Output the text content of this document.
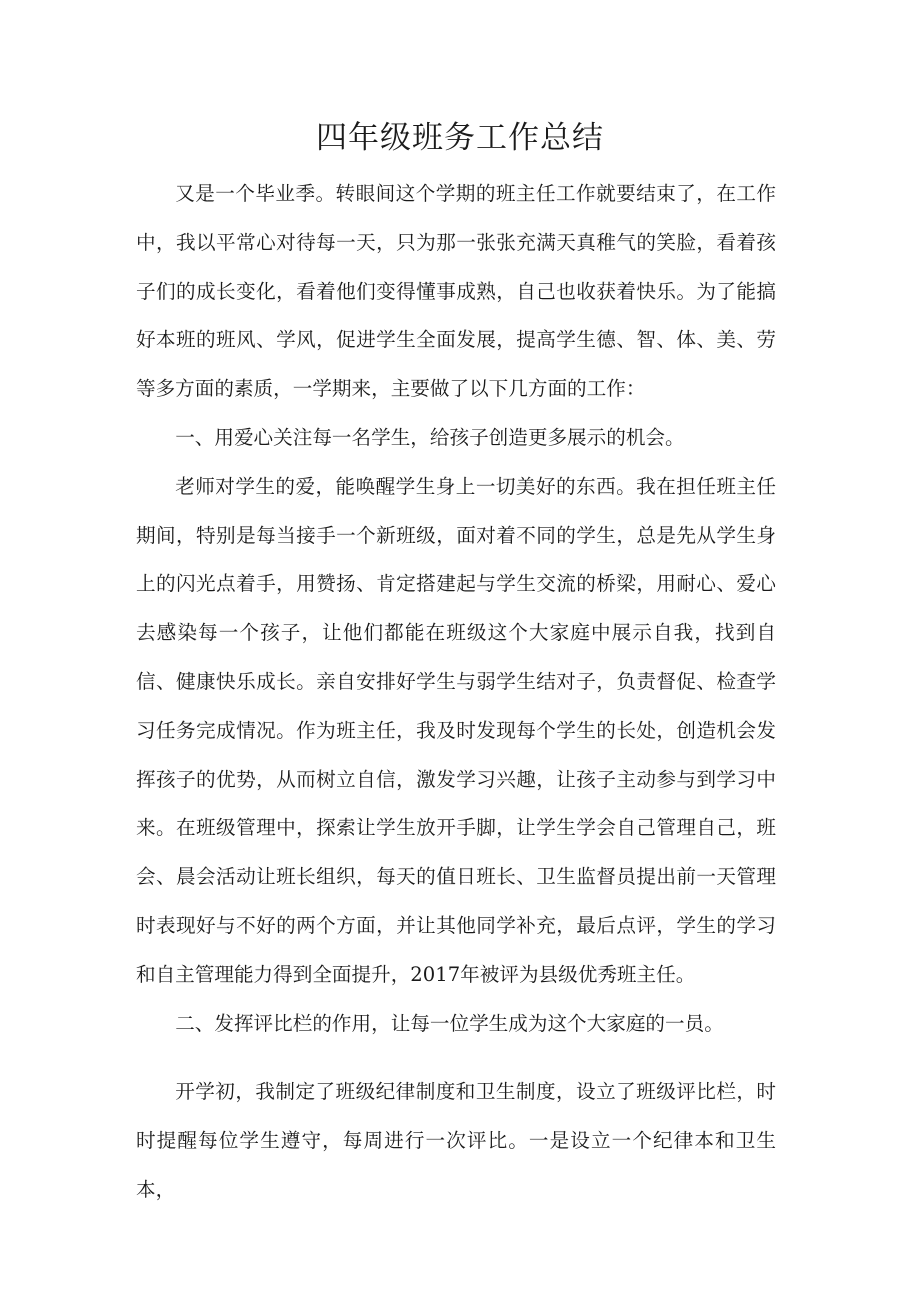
四年级班务工作总结

又是一个毕业季。转眼间这个学期的班主任工作就要结束了，在工作中，我以平常心对待每一天，只为那一张张充满天真稚气的笑脸，看着孩子们的成长变化，看着他们变得懂事成熟，自己也收获着快乐。为了能搞好本班的班风、学风，促进学生全面发展，提高学生德、智、体、美、劳等多方面的素质，一学期来，主要做了以下几方面的工作：

一、用爱心关注每一名学生，给孩子创造更多展示的机会。

老师对学生的爱，能唤醒学生身上一切美好的东西。我在担任班主任期间，特别是每当接手一个新班级，面对着不同的学生，总是先从学生身上的闪光点着手，用赞扬、肯定搭建起与学生交流的桥梁，用耐心、爱心去感染每一个孩子，让他们都能在班级这个大家庭中展示自我，找到自信、健康快乐成长。亲自安排好学生与弱学生结对子，负责督促、检查学习任务完成情况。作为班主任，我及时发现每个学生的长处，创造机会发挥孩子的优势，从而树立自信，激发学习兴趣，让孩子主动参与到学习中来。在班级管理中，探索让学生放开手脚，让学生学会自己管理自己，班会、晨会活动让班长组织，每天的值日班长、卫生监督员提出前一天管理时表现好与不好的两个方面，并让其他同学补充，最后点评，学生的学习和自主管理能力得到全面提升，2017年被评为县级优秀班主任。

二、发挥评比栏的作用，让每一位学生成为这个大家庭的一员。

开学初，我制定了班级纪律制度和卫生制度，设立了班级评比栏，时时提醒每位学生遵守，每周进行一次评比。一是设立一个纪律本和卫生本，
